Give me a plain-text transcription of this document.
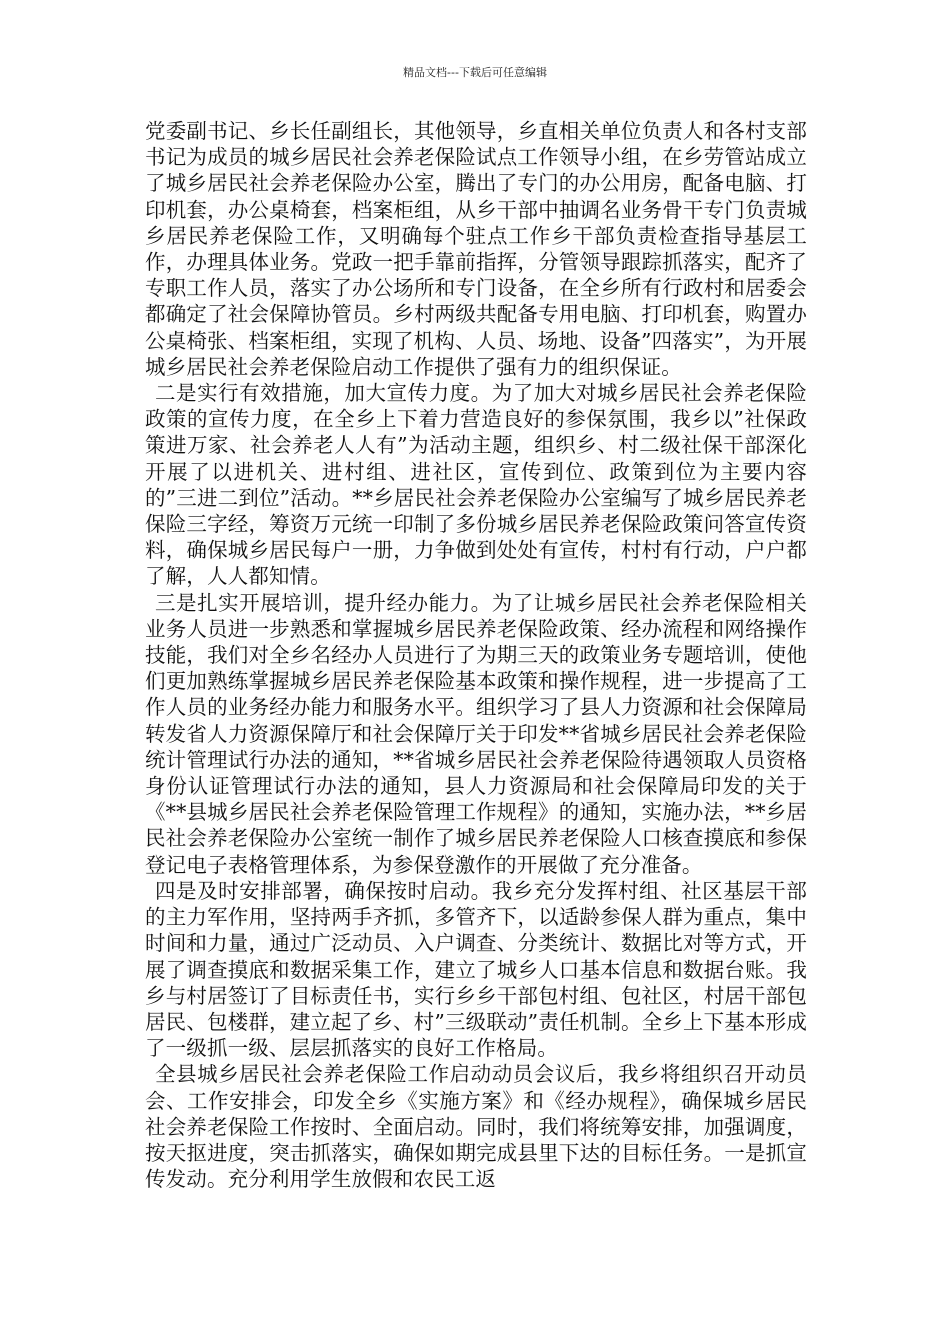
精品文档---下载后可任意编辑

党委副书记、乡长任副组长，其他领导，乡直相关单位负责人和各村支部书记为成员的城乡居民社会养老保险试点工作领导小组，在乡劳管站成立了城乡居民社会养老保险办公室，腾出了专门的办公用房，配备电脑、打印机套，办公桌椅套，档案柜组，从乡干部中抽调名业务骨干专门负责城乡居民养老保险工作，又明确每个驻点工作乡干部负责检查指导基层工作，办理具体业务。党政一把手靠前指挥，分管领导跟踪抓落实，配齐了专职工作人员，落实了办公场所和专门设备，在全乡所有行政村和居委会都确定了社会保障协管员。乡村两级共配备专用电脑、打印机套，购置办公桌椅张、档案柜组，实现了机构、人员、场地、设备”四落实”，为开展城乡居民社会养老保险启动工作提供了强有力的组织保证。

二是实行有效措施，加大宣传力度。为了加大对城乡居民社会养老保险政策的宣传力度，在全乡上下着力营造良好的参保氛围，我乡以”社保政策进万家、社会养老人人有”为活动主题，组织乡、村二级社保干部深化开展了以进机关、进村组、进社区，宣传到位、政策到位为主要内容的”三进二到位”活动。**乡居民社会养老保险办公室编写了城乡居民养老保险三字经，筹资万元统一印制了多份城乡居民养老保险政策问答宣传资料，确保城乡居民每户一册，力争做到处处有宣传，村村有行动，户户都了解，人人都知情。

三是扎实开展培训，提升经办能力。为了让城乡居民社会养老保险相关业务人员进一步熟悉和掌握城乡居民养老保险政策、经办流程和网络操作技能，我们对全乡名经办人员进行了为期三天的政策业务专题培训，使他们更加熟练掌握城乡居民养老保险基本政策和操作规程，进一步提高了工作人员的业务经办能力和服务水平。组织学习了县人力资源和社会保障局转发省人力资源保障厅和社会保障厅关于印发**省城乡居民社会养老保险统计管理试行办法的通知，**省城乡居民社会养老保险待遇领取人员资格身份认证管理试行办法的通知，县人力资源局和社会保障局印发的关于《**县城乡居民社会养老保险管理工作规程》的通知，实施办法，**乡居民社会养老保险办公室统一制作了城乡居民养老保险人口核查摸底和参保登记电子表格管理体系，为参保登激作的开展做了充分准备。

四是及时安排部署，确保按时启动。我乡充分发挥村组、社区基层干部的主力军作用，坚持两手齐抓，多管齐下，以适龄参保人群为重点，集中时间和力量，通过广泛动员、入户调查、分类统计、数据比对等方式，开展了调查摸底和数据采集工作，建立了城乡人口基本信息和数据台账。我乡与村居签订了目标责任书，实行乡乡干部包村组、包社区，村居干部包居民、包楼群，建立起了乡、村”三级联动”责任机制。全乡上下基本形成了一级抓一级、层层抓落实的良好工作格局。

全县城乡居民社会养老保险工作启动动员会议后，我乡将组织召开动员会、工作安排会，印发全乡《实施方案》和《经办规程》，确保城乡居民社会养老保险工作按时、全面启动。同时，我们将统筹安排，加强调度，按天抠进度，突击抓落实，确保如期完成县里下达的目标任务。一是抓宣传发动。充分利用学生放假和农民工返
